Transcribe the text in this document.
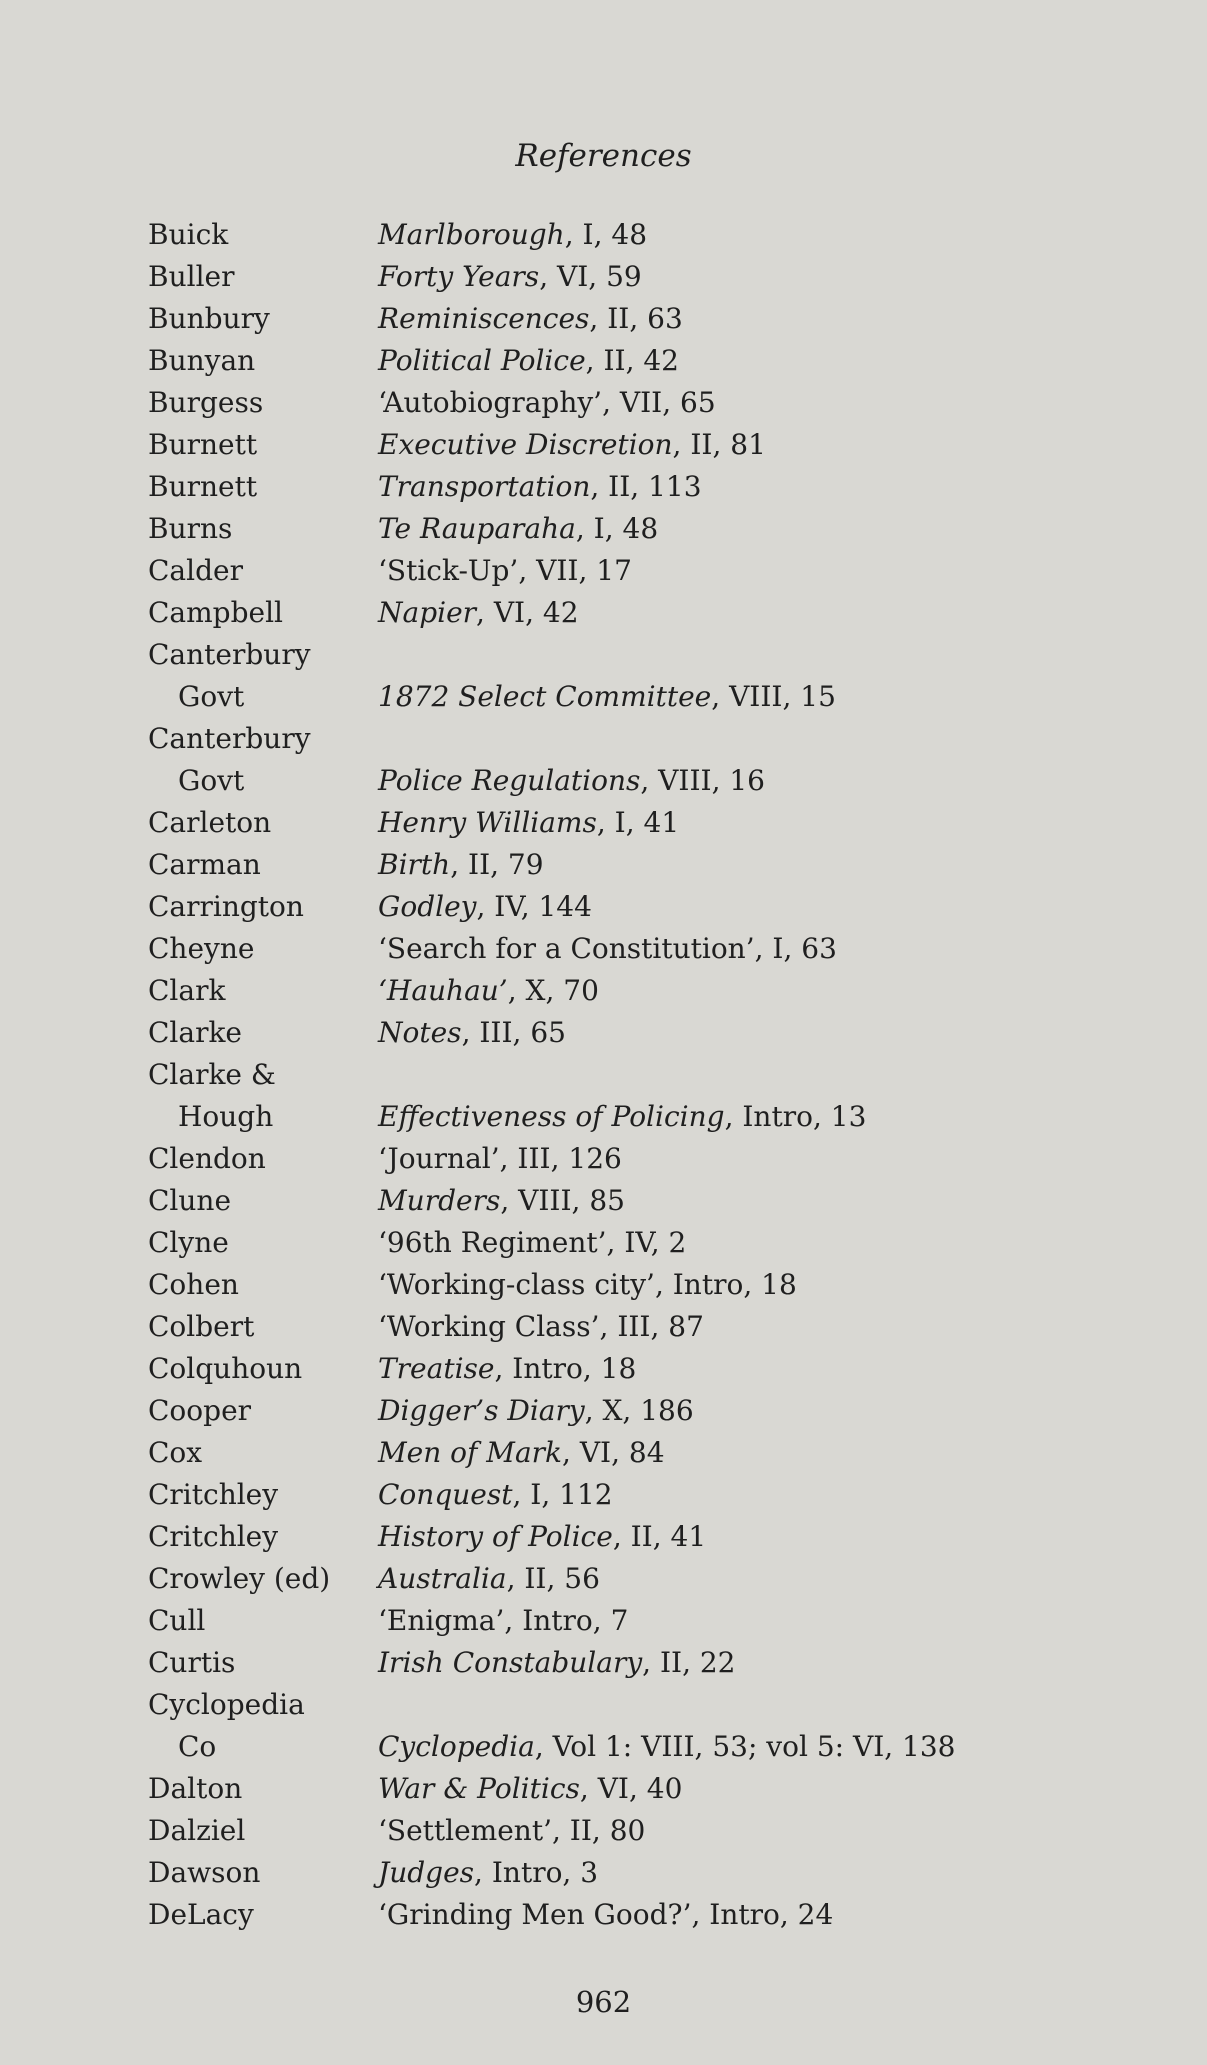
References
Buick	Marlborough, I, 48
Buller	Forty Years, VI, 59
Bunbury	Reminiscences, II, 63
Bunyan	Political Police, II, 42
Burgess	‘Autobiography’, VII, 65
Burnett	Executive Discretion, II, 81
Burnett	Transportation, II, 113
Burns	Te Rauparaha, I, 48
Calder	‘Stick-Up’, VII, 17
Campbell	Napier, VI, 42
Canterbury
Govt	1872 Select Committee, VIII, 15
Canterbury
Govt	Police Regulations, VIII, 16
Carleton	Henry Williams, I, 41
Carman	Birth, II, 79
Carrington	Godley, IV, 144
Cheyne	‘Search for a Constitution’, I, 63
Clark	‘Hauhau’, X, 70
Clarke	Notes, III, 65
Clarke &
Hough	Effectiveness of Policing, Intro, 13
Clendon	‘Journal’, III, 126
Clune	Murders, VIII, 85
Clyne	‘96th Regiment’, IV, 2
Cohen	‘Working-class city’, Intro, 18
Colbert	‘Working Class’, III, 87
Colquhoun	Treatise, Intro, 18
Cooper	Digger’s Diary, X, 186
Cox	Men of Mark, VI, 84
Critchley	Conquest, I, 112
Critchley	History of Police, II, 41
Crowley (ed)	Australia, II, 56
Cull	‘Enigma’, Intro, 7
Curtis	Irish Constabulary, II, 22
Cyclopedia
Co	Cyclopedia, Vol 1: VIII, 53; vol 5: VI, 138
Dalton	War & Politics, VI, 40
Dalziel	‘Settlement’, II, 80
Dawson	Judges, Intro, 3
DeLacy	‘Grinding Men Good?’, Intro, 24
962
